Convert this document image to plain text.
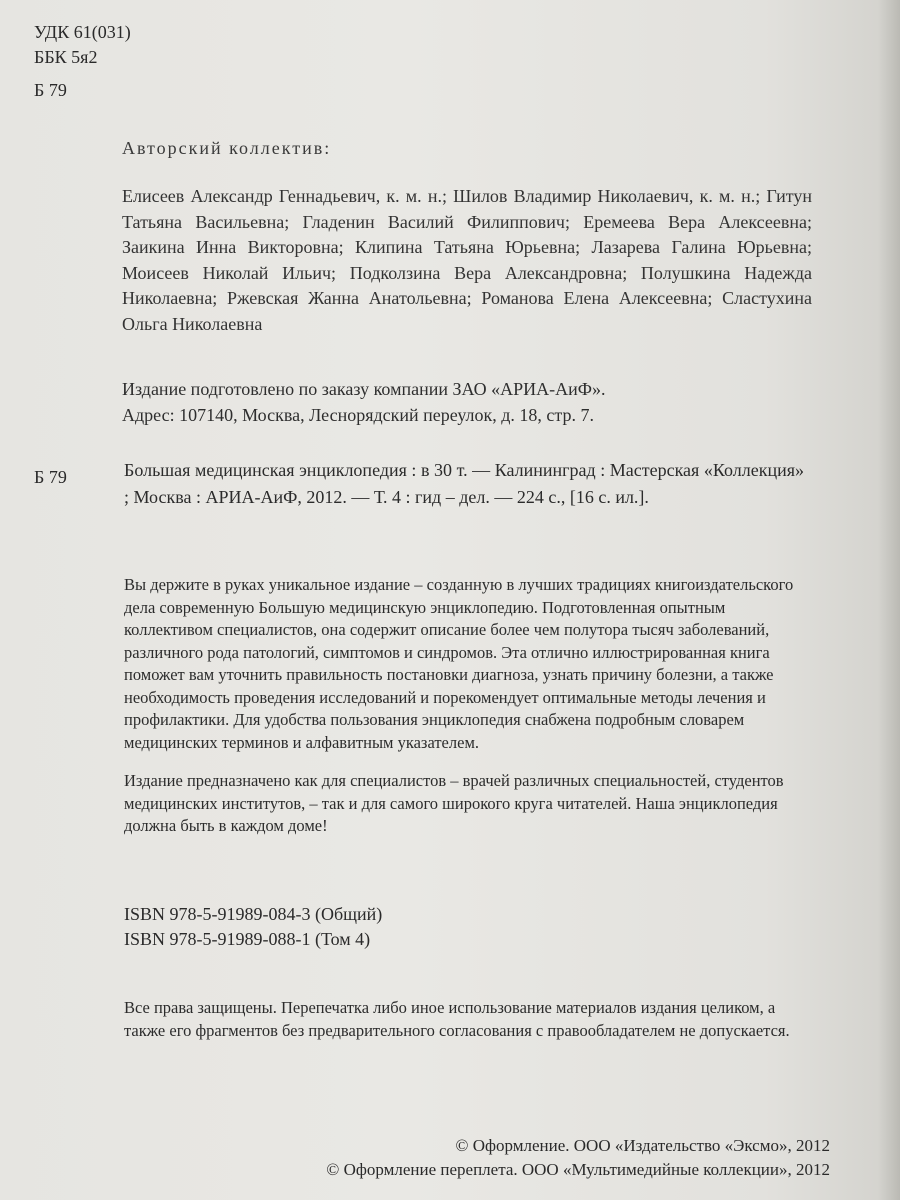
УДК 61(031)
ББК 5я2
Б 79
Авторский коллектив:
Елисеев Александр Геннадьевич, к. м. н.; Шилов Владимир Николаевич, к. м. н.; Гитун Татьяна Васильевна; Гладенин Василий Филиппович; Еремеева Вера Алексеевна; Заикина Инна Викторовна; Клипина Татьяна Юрьевна; Лазарева Галина Юрьевна; Моисеев Николай Ильич; Подколзина Вера Александровна; Полушкина Надежда Николаевна; Ржевская Жанна Анатольевна; Романова Елена Алексеевна; Сластухина Ольга Николаевна
Издание подготовлено по заказу компании ЗАО «АРИА-АиФ».
Адрес: 107140, Москва, Леснорядский переулок, д. 18, стр. 7.
Б 79	Большая медицинская энциклопедия : в 30 т. — Калининград : Мастерская «Коллекция» ; Москва : АРИА-АиФ, 2012. — Т. 4 : гид – дел. — 224 с., [16 с. ил.].

Вы держите в руках уникальное издание – созданную в лучших традициях книгоиздательского дела современную Большую медицинскую энциклопедию. Подготовленная опытным коллективом специалистов, она содержит описание более чем полутора тысяч заболеваний, различного рода патологий, симптомов и синдромов. Эта отлично иллюстрированная книга поможет вам уточнить правильность постановки диагноза, узнать причину болезни, а также необходимость проведения исследований и порекомендует оптимальные методы лечения и профилактики. Для удобства пользования энциклопедия снабжена подробным словарем медицинских терминов и алфавитным указателем.

Издание предназначено как для специалистов – врачей различных специальностей, студентов медицинских институтов, – так и для самого широкого круга читателей. Наша энциклопедия должна быть в каждом доме!

ISBN 978-5-91989-084-3 (Общий)
ISBN 978-5-91989-088-1 (Том 4)
Все права защищены. Перепечатка либо иное использование материалов издания целиком, а также его фрагментов без предварительного согласования с правообладателем не допускается.
© Оформление. ООО «Издательство «Эксмо», 2012
© Оформление переплета. ООО «Мультимедийные коллекции», 2012
